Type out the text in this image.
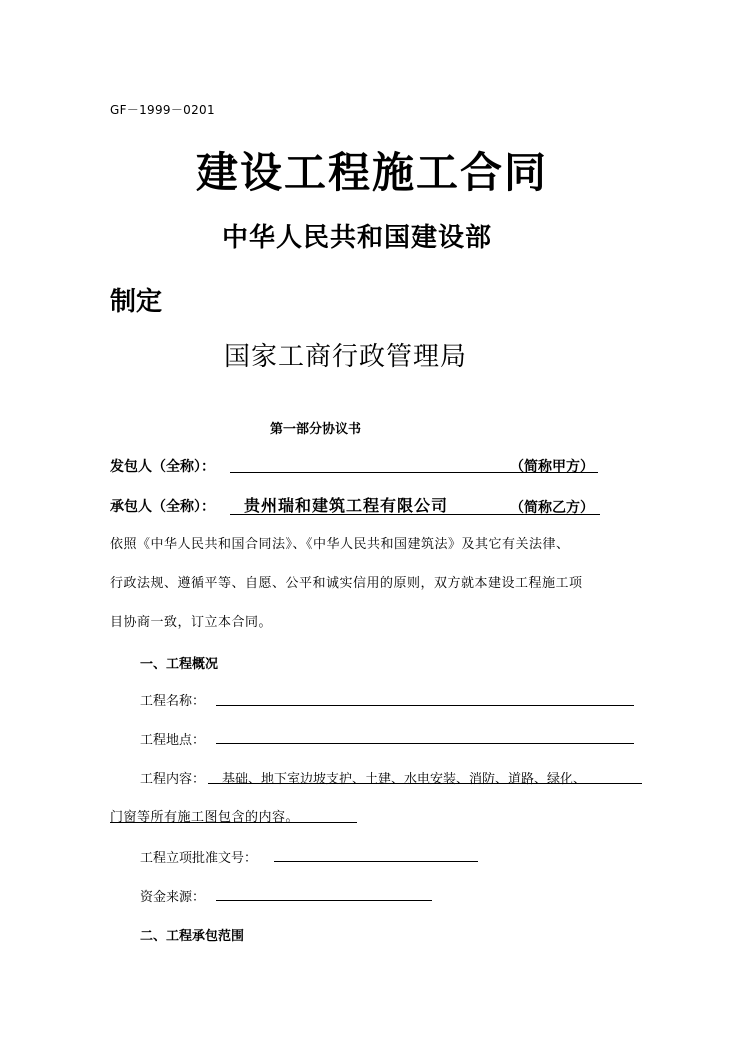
GF－1999－0201
建设工程施工合同
中华人民共和国建设部
制定
国家工商行政管理局
第一部分协议书
发包人（全称）：	（简称甲方）
承包人（全称）： 贵州瑞和建筑工程有限公司	（简称乙方）
依照《中华人民共和国合同法》、《中华人民共和国建筑法》及其它有关法律、
行政法规、遵循平等、自愿、公平和诚实信用的原则，双方就本建设工程施工项
目协商一致，订立本合同。
一、工程概况
工程名称：
工程地点：
工程内容： 基础、地下室边坡支护、土建、水电安装、消防、道路、绿化、
门窗等所有施工图包含的内容。
工程立项批准文号：
资金来源：
二、工程承包范围
